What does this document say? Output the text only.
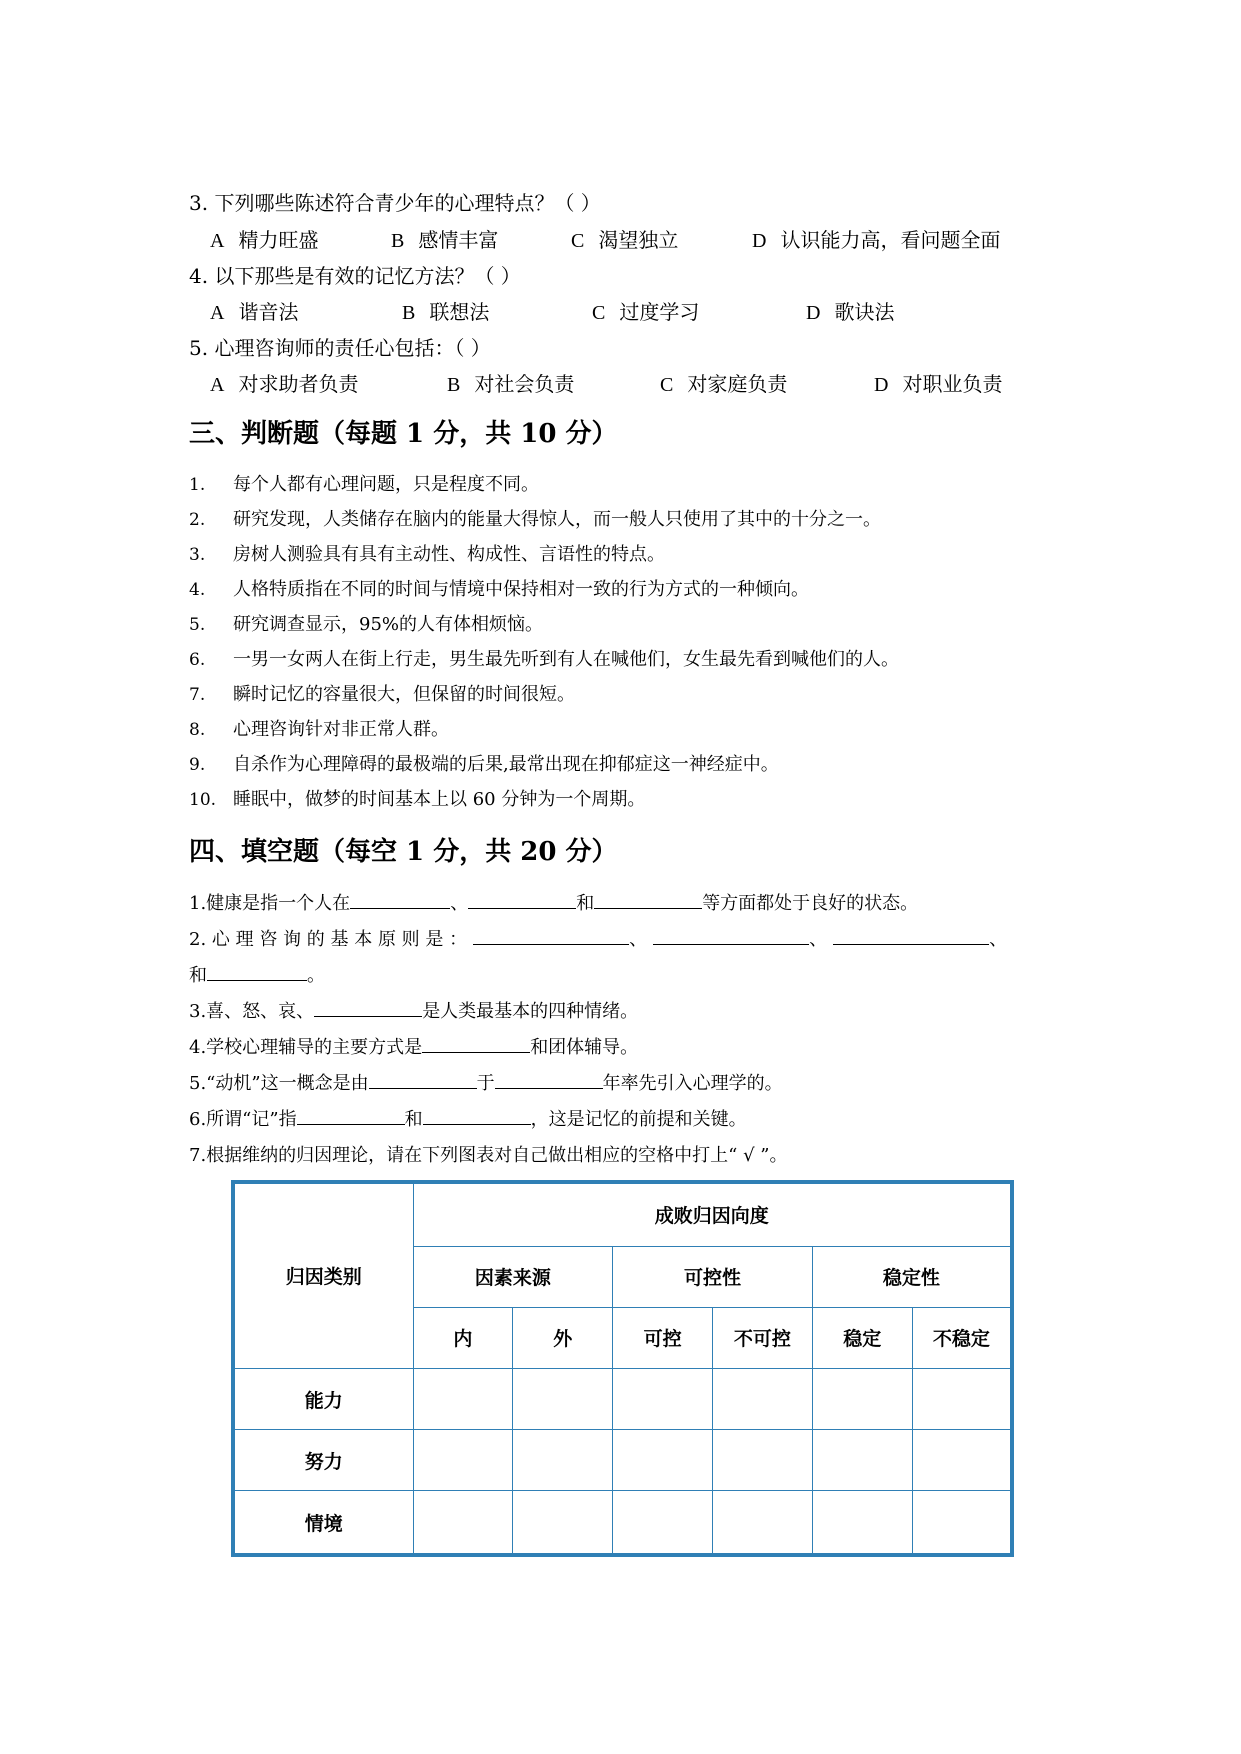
3. 下列哪些陈述符合青少年的心理特点？（ ）
A 精力旺盛	B 感情丰富	C 渴望独立	D 认识能力高，看问题全面
4. 以下那些是有效的记忆方法？（ ）
A 谐音法	B 联想法	C 过度学习	D 歌诀法
5. 心理咨询师的责任心包括：（ ）
A 对求助者负责	B 对社会负责	C 对家庭负责	D 对职业负责
三、判断题（每题 1 分，共 10 分）
1. 每个人都有心理问题，只是程度不同。
2. 研究发现，人类储存在脑内的能量大得惊人，而一般人只使用了其中的十分之一。
3. 房树人测验具有具有主动性、构成性、言语性的特点。
4. 人格特质指在不同的时间与情境中保持相对一致的行为方式的一种倾向。
5. 研究调查显示，95%的人有体相烦恼。
6. 一男一女两人在街上行走，男生最先听到有人在喊他们，女生最先看到喊他们的人。
7. 瞬时记忆的容量很大，但保留的时间很短。
8. 心理咨询针对非正常人群。
9. 自杀作为心理障碍的最极端的后果,最常出现在抑郁症这一神经症中。
10. 睡眠中，做梦的时间基本上以 60 分钟为一个周期。
四、填空题（每空 1 分，共 20 分）
1.健康是指一个人在	、	和	等方面都处于良好的状态。
2. 心 理 咨 询 的 基 本 原 则 是 ：	、	、	、
和	。
3.喜、怒、哀、	是人类最基本的四种情绪。
4.学校心理辅导的主要方式是	和团体辅导。
5.“动机”这一概念是由	于	年率先引入心理学的。
6.所谓“记”指	和	，这是记忆的前提和关键。
7.根据维纳的归因理论，请在下列图表对自己做出相应的空格中打上“ √ ”。
归因类别	成败归因向度					
	因素来源		可控性		稳定性	
	内	外	可控	不可控	稳定	不稳定
能力						
努力						
情境						
